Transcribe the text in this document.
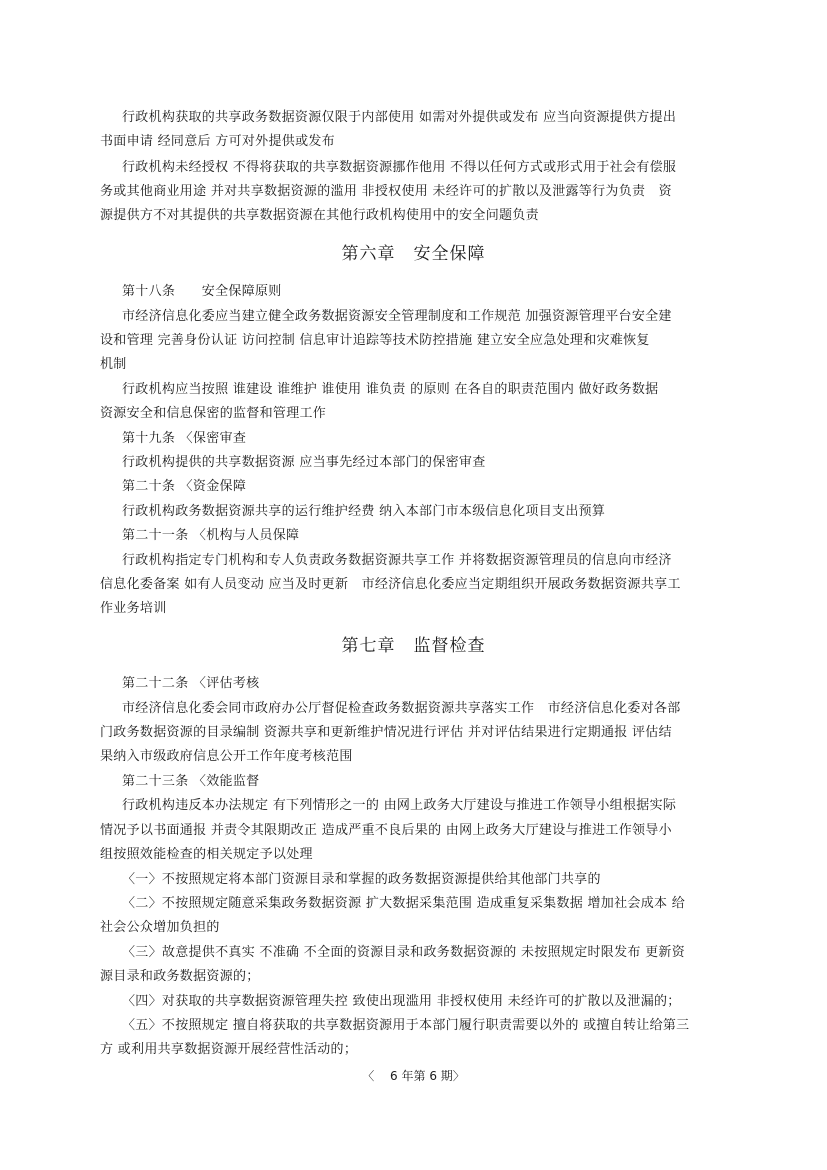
行政机构获取的共享政务数据资源仅限于内部使用 如需对外提供或发布 应当向资源提供方提出
书面申请 经同意后 方可对外提供或发布
行政机构未经授权 不得将获取的共享数据资源挪作他用 不得以任何方式或形式用于社会有偿服
务或其他商业用途 并对共享数据资源的滥用 非授权使用 未经许可的扩散以及泄露等行为负责　资
源提供方不对其提供的共享数据资源在其他行政机构使用中的安全问题负责
第六章　安全保障
第十八条　　安全保障原则
市经济信息化委应当建立健全政务数据资源安全管理制度和工作规范 加强资源管理平台安全建
设和管理 完善身份认证 访问控制 信息审计追踪等技术防控措施 建立安全应急处理和灾难恢复
机制
行政机构应当按照 谁建设 谁维护 谁使用 谁负责 的原则 在各自的职责范围内 做好政务数据
资源安全和信息保密的监督和管理工作
第十九条 〈保密审查
行政机构提供的共享数据资源 应当事先经过本部门的保密审查
第二十条 〈资金保障
行政机构政务数据资源共享的运行维护经费 纳入本部门市本级信息化项目支出预算
第二十一条 〈机构与人员保障
行政机构指定专门机构和专人负责政务数据资源共享工作 并将数据资源管理员的信息向市经济
信息化委备案 如有人员变动 应当及时更新　市经济信息化委应当定期组织开展政务数据资源共享工
作业务培训
第七章　监督检查
第二十二条 〈评估考核
市经济信息化委会同市政府办公厅督促检查政务数据资源共享落实工作　市经济信息化委对各部
门政务数据资源的目录编制 资源共享和更新维护情况进行评估 并对评估结果进行定期通报 评估结
果纳入市级政府信息公开工作年度考核范围
第二十三条 〈效能监督
行政机构违反本办法规定 有下列情形之一的 由网上政务大厅建设与推进工作领导小组根据实际
情况予以书面通报 并责令其限期改正 造成严重不良后果的 由网上政务大厅建设与推进工作领导小
组按照效能检查的相关规定予以处理
〈一〉不按照规定将本部门资源目录和掌握的政务数据资源提供给其他部门共享的
〈二〉不按照规定随意采集政务数据资源 扩大数据采集范围 造成重复采集数据 增加社会成本 给
社会公众增加负担的
〈三〉故意提供不真实 不准确 不全面的资源目录和政务数据资源的 未按照规定时限发布 更新资
源目录和政务数据资源的；
〈四〉对获取的共享数据资源管理失控 致使出现滥用 非授权使用 未经许可的扩散以及泄漏的；
〈五〉不按照规定 擅自将获取的共享数据资源用于本部门履行职责需要以外的 或擅自转让给第三
方 或利用共享数据资源开展经营性活动的；
〈　 6 年第 6 期〉
